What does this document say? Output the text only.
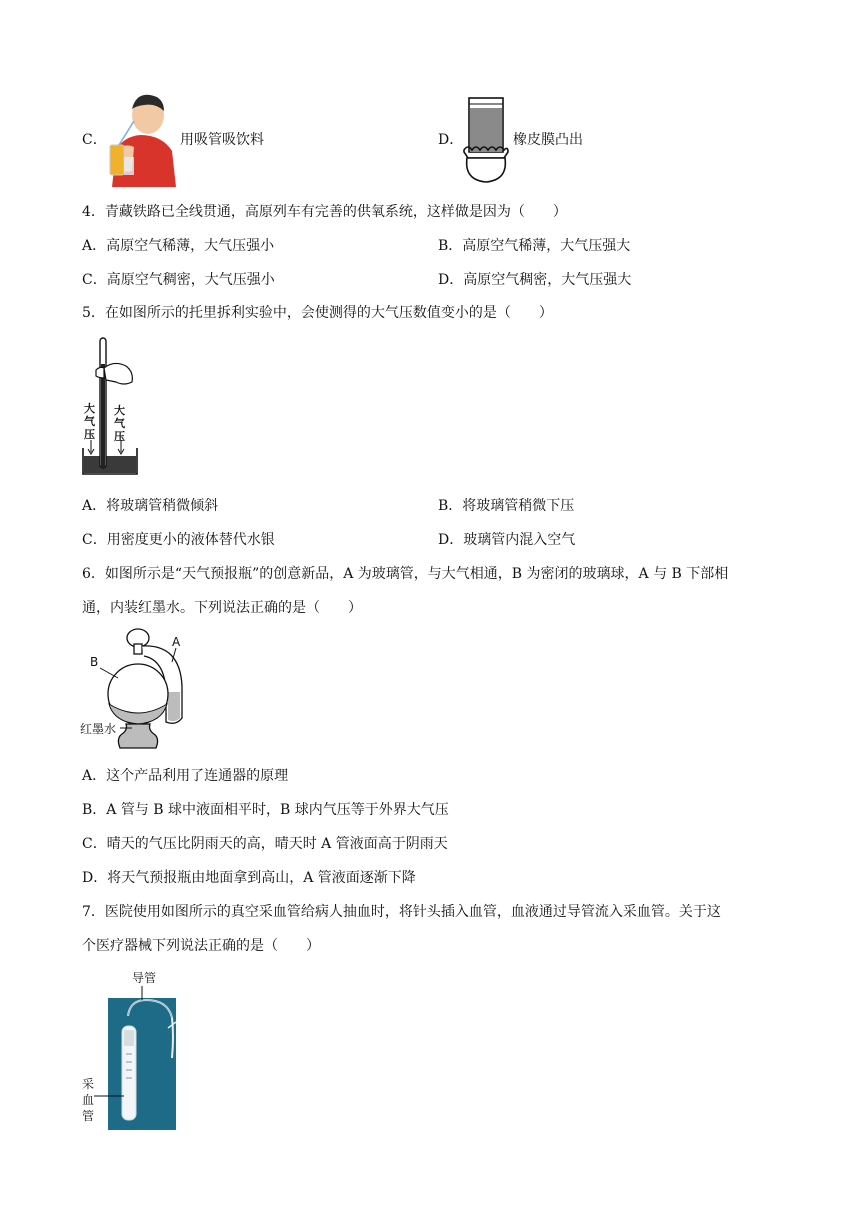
C．	用吸管吸饮料	D．	橡皮膜凸出
4．青藏铁路已全线贯通，高原列车有完善的供氧系统，这样做是因为（　　）
A．高原空气稀薄，大气压强小	B．高原空气稀薄，大气压强大
C．高原空气稠密，大气压强小	D．高原空气稠密，大气压强大
5．在如图所示的托里拆利实验中，会使测得的大气压数值变小的是（　　）
大气压
大气压
A．将玻璃管稍微倾斜	B．将玻璃管稍微下压
C．用密度更小的液体替代水银	D．玻璃管内混入空气
6．如图所示是“天气预报瓶”的创意新品，A 为玻璃管，与大气相通，B 为密闭的玻璃球，A 与 B 下部相
通，内装红墨水。下列说法正确的是（　　）
B
A
红墨水
A．这个产品利用了连通器的原理
B．A 管与 B 球中液面相平时，B 球内气压等于外界大气压
C．晴天的气压比阴雨天的高，晴天时 A 管液面高于阴雨天
D．将天气预报瓶由地面拿到高山，A 管液面逐渐下降
7．医院使用如图所示的真空采血管给病人抽血时，将针头插入血管，血液通过导管流入采血管。关于这
个医疗器械下列说法正确的是（　　）
导管
采血管
